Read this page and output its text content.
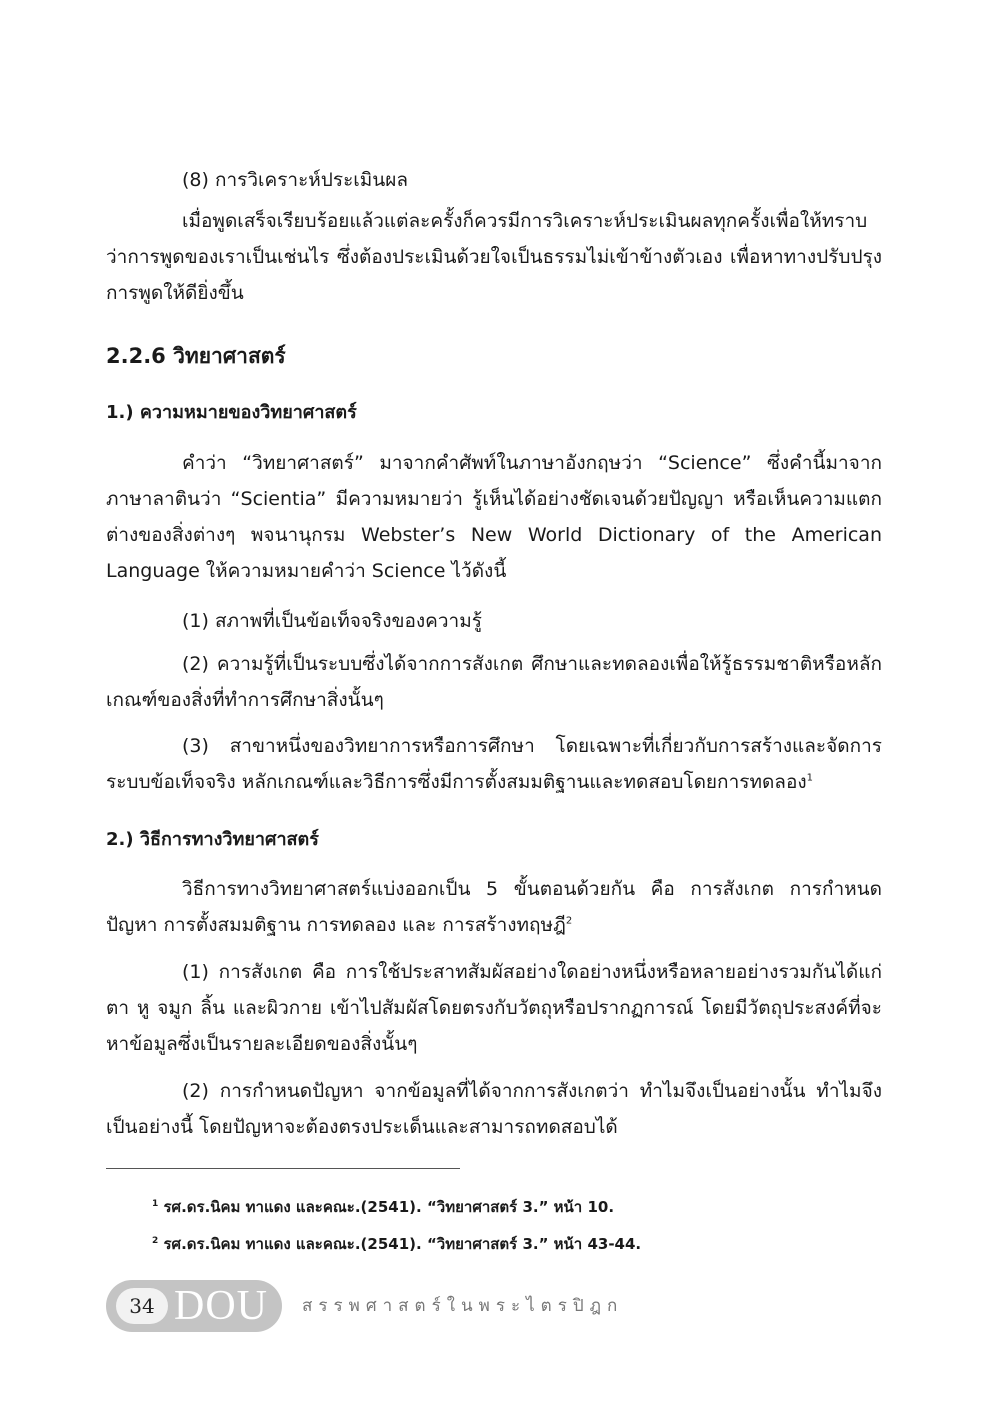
(8) การวิเคราะห์ประเมินผล

เมื่อพูดเสร็จเรียบร้อยแล้วแต่ละครั้งก็ควรมีการวิเคราะห์ประเมินผลทุกครั้งเพื่อให้ทราบว่าการพูดของเราเป็นเช่นไร ซึ่งต้องประเมินด้วยใจเป็นธรรมไม่เข้าข้างตัวเอง เพื่อหาทางปรับปรุงการพูดให้ดียิ่งขึ้น

2.2.6 วิทยาศาสตร์
1.) ความหมายของวิทยาศาสตร์

คำว่า “วิทยาศาสตร์” มาจากคำศัพท์ในภาษาอังกฤษว่า “Science” ซึ่งคำนี้มาจากภาษาลาตินว่า “Scientia” มีความหมายว่า รู้เห็นได้อย่างชัดเจนด้วยปัญญา หรือเห็นความแตกต่างของสิ่งต่างๆ พจนานุกรม Webster’s New World Dictionary of the American Language ให้ความหมายคำว่า Science ไว้ดังนี้

(1) สภาพที่เป็นข้อเท็จจริงของความรู้

(2) ความรู้ที่เป็นระบบซึ่งได้จากการสังเกต ศึกษาและทดลองเพื่อให้รู้ธรรมชาติหรือหลักเกณฑ์ของสิ่งที่ทำการศึกษาสิ่งนั้นๆ

(3) สาขาหนึ่งของวิทยาการหรือการศึกษา โดยเฉพาะที่เกี่ยวกับการสร้างและจัดการระบบข้อเท็จจริง หลักเกณฑ์และวิธีการซึ่งมีการตั้งสมมติฐานและทดสอบโดยการทดลอง$^1$

2.) วิธีการทางวิทยาศาสตร์

วิธีการทางวิทยาศาสตร์แบ่งออกเป็น 5 ขั้นตอนด้วยกัน คือ การสังเกต การกำหนดปัญหา การตั้งสมมติฐาน การทดลอง และ การสร้างทฤษฎี$^2$

(1) การสังเกต คือ การใช้ประสาทสัมผัสอย่างใดอย่างหนึ่งหรือหลายอย่างรวมกันได้แก่ ตา หู จมูก ลิ้น และผิวกาย เข้าไปสัมผัสโดยตรงกับวัตถุหรือปรากฏการณ์ โดยมีวัตถุประสงค์ที่จะหาข้อมูลซึ่งเป็นรายละเอียดของสิ่งนั้นๆ

(2) การกำหนดปัญหา จากข้อมูลที่ได้จากการสังเกตว่า ทำไมจึงเป็นอย่างนั้น ทำไมจึงเป็นอย่างนี้ โดยปัญหาจะต้องตรงประเด็นและสามารถทดสอบได้

$^1$ รศ.ดร.นิคม ทาแดง และคณะ.(2541). “วิทยาศาสตร์ 3.” หน้า 10.

$^2$ รศ.ดร.นิคม ทาแดง และคณะ.(2541). “วิทยาศาสตร์ 3.” หน้า 43-44.

34 DOU สรรพศาสตร์ในพระไตรปิฎก
